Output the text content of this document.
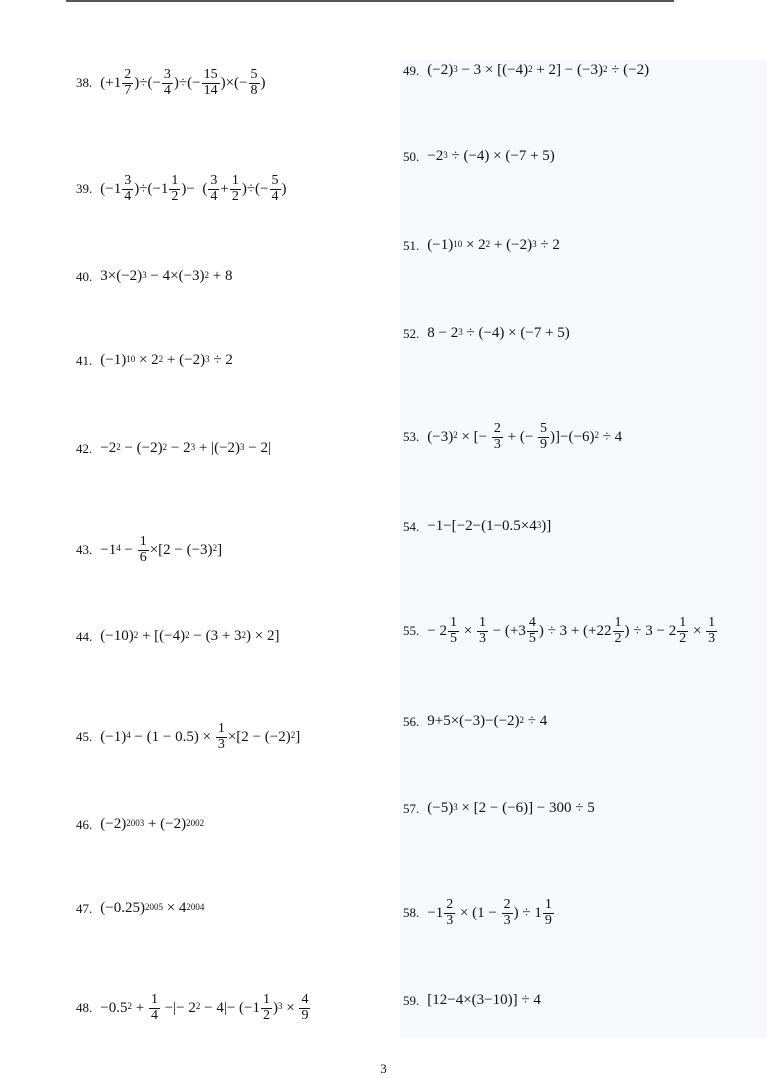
38. ($+1 \frac{2}{7}$ )÷(− $\frac{3}{4}$ )÷(− $\frac{15}{14}$ )×(− $\frac{5}{8}$ )
39. $(-1 \frac{3}{4} )\div(-1 \frac{1}{2}$ )−  ( $\frac{3}{4} + \frac{1}{2}$ )÷(− $\frac{5}{4}$ )
40. $3\times(-2)^3 - 4\times(-3)^2 + 8$
41. $(-1)^{10} \times 2^2 + (-2)^3 \div 2$
42. $-2^2 - (-2)^2 - 2^3 + |(-2)^3 - 2|$
43. $-1^4 - \frac{1}{6} \times[2 - (-3)^2$ ]
44. $(-10)^2 + [(-4)^2 - (3 + 3^2$ ) × 2]
45. $(-1)^4 - (1 - 0.5) \times \frac{1}{3} \times[2 - (-2)^2$ ]
46. $(-2)^{2003} + (-2)^{2002}$
47. $(-0.25)^{2005} \times 4^{2004}$
48. $-0.5^2 + \frac{1}{4}$ −|− $2^2 - 4|- (-1 \frac{1}{2} )^3 \times \frac{4}{9}$
49. $(-2)^3 - 3 \times [(-4)^2 + 2] - (-3)^2 \div (-2)$
50. $-2^3 \div (-4) \times (-7 + 5)$
51. $(-1)^{10} \times 2^2 + (-2)^3 \div 2$
52. $8 - 2^3 \div (-4) \times (-7 + 5)$
53. $(-3)^2$ × [− $\frac{2}{3}$ + (− $\frac{5}{9} )]-(-6)^2 \div 4$
54. $-1-[-2-(1-0.5\times 4^3$ )]
55. − $2 \frac{1}{5} \times \frac{1}{3} - (+3 \frac{4}{5}$ ) ÷ $3 + (+22 \frac{1}{2}$ ) ÷ $3 - 2 \frac{1}{2} \times \frac{1}{3}$
56. $9+5\times(-3)-(-2)^2 \div 4$
57. $(-5)^3 \times [2 - (-6)] - 300 \div 5$
58. $-1 \frac{2}{3} \times (1 - \frac{2}{3}$ ) ÷ $1 \frac{1}{9}$
59. [12−4×(3−10)] ÷ 4
3
